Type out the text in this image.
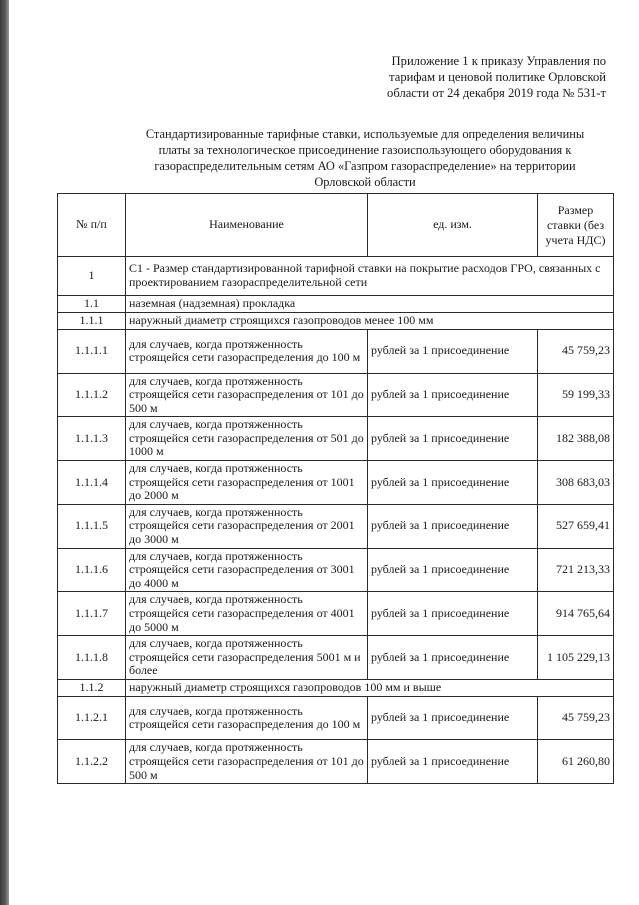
Приложение 1 к приказу Управления по
тарифам и ценовой политике Орловской
области от 24 декабря 2019 года № 531-т
Стандартизированные тарифные ставки, используемые для определения величины
платы за технологическое присоединение газоиспользующего оборудования к
газораспределительным сетям АО «Газпром газораспределение» на территории
Орловской области
№ п/п	Наименование	ед. изм.	Размер
ставки (без
учета НДС)

1	С1 - Размер стандартизированной тарифной ставки на покрытие расходов ГРО, связанных с проектированием газораспределительной сети		
1.1	наземная (надземная) прокладка		
1.1.1	наружный диаметр строящихся газопроводов менее 100 мм		
1.1.1.1	для случаев, когда протяженность строящейся сети газораспределения до 100 м	рублей за 1 присоединение	45 759,23
1.1.1.2	для случаев, когда протяженность строящейся сети газораспределения от 101 до 500 м	рублей за 1 присоединение	59 199,33
1.1.1.3	для случаев, когда протяженность строящейся сети газораспределения от 501 до 1000 м	рублей за 1 присоединение	182 388,08
1.1.1.4	для случаев, когда протяженность строящейся сети газораспределения от 1001 до 2000 м	рублей за 1 присоединение	308 683,03
1.1.1.5	для случаев, когда протяженность строящейся сети газораспределения от 2001 до 3000 м	рублей за 1 присоединение	527 659,41
1.1.1.6	для случаев, когда протяженность строящейся сети газораспределения от 3001 до 4000 м	рублей за 1 присоединение	721 213,33
1.1.1.7	для случаев, когда протяженность строящейся сети газораспределения от 4001 до 5000 м	рублей за 1 присоединение	914 765,64
1.1.1.8	для случаев, когда протяженность строящейся сети газораспределения 5001 м и более	рублей за 1 присоединение	1 105 229,13
1.1.2	наружный диаметр строящихся газопроводов 100 мм и выше		
1.1.2.1	для случаев, когда протяженность строящейся сети газораспределения до 100 м	рублей за 1 присоединение	45 759,23
1.1.2.2	для случаев, когда протяженность строящейся сети газораспределения от 101 до 500 м	рублей за 1 присоединение	61 260,80
